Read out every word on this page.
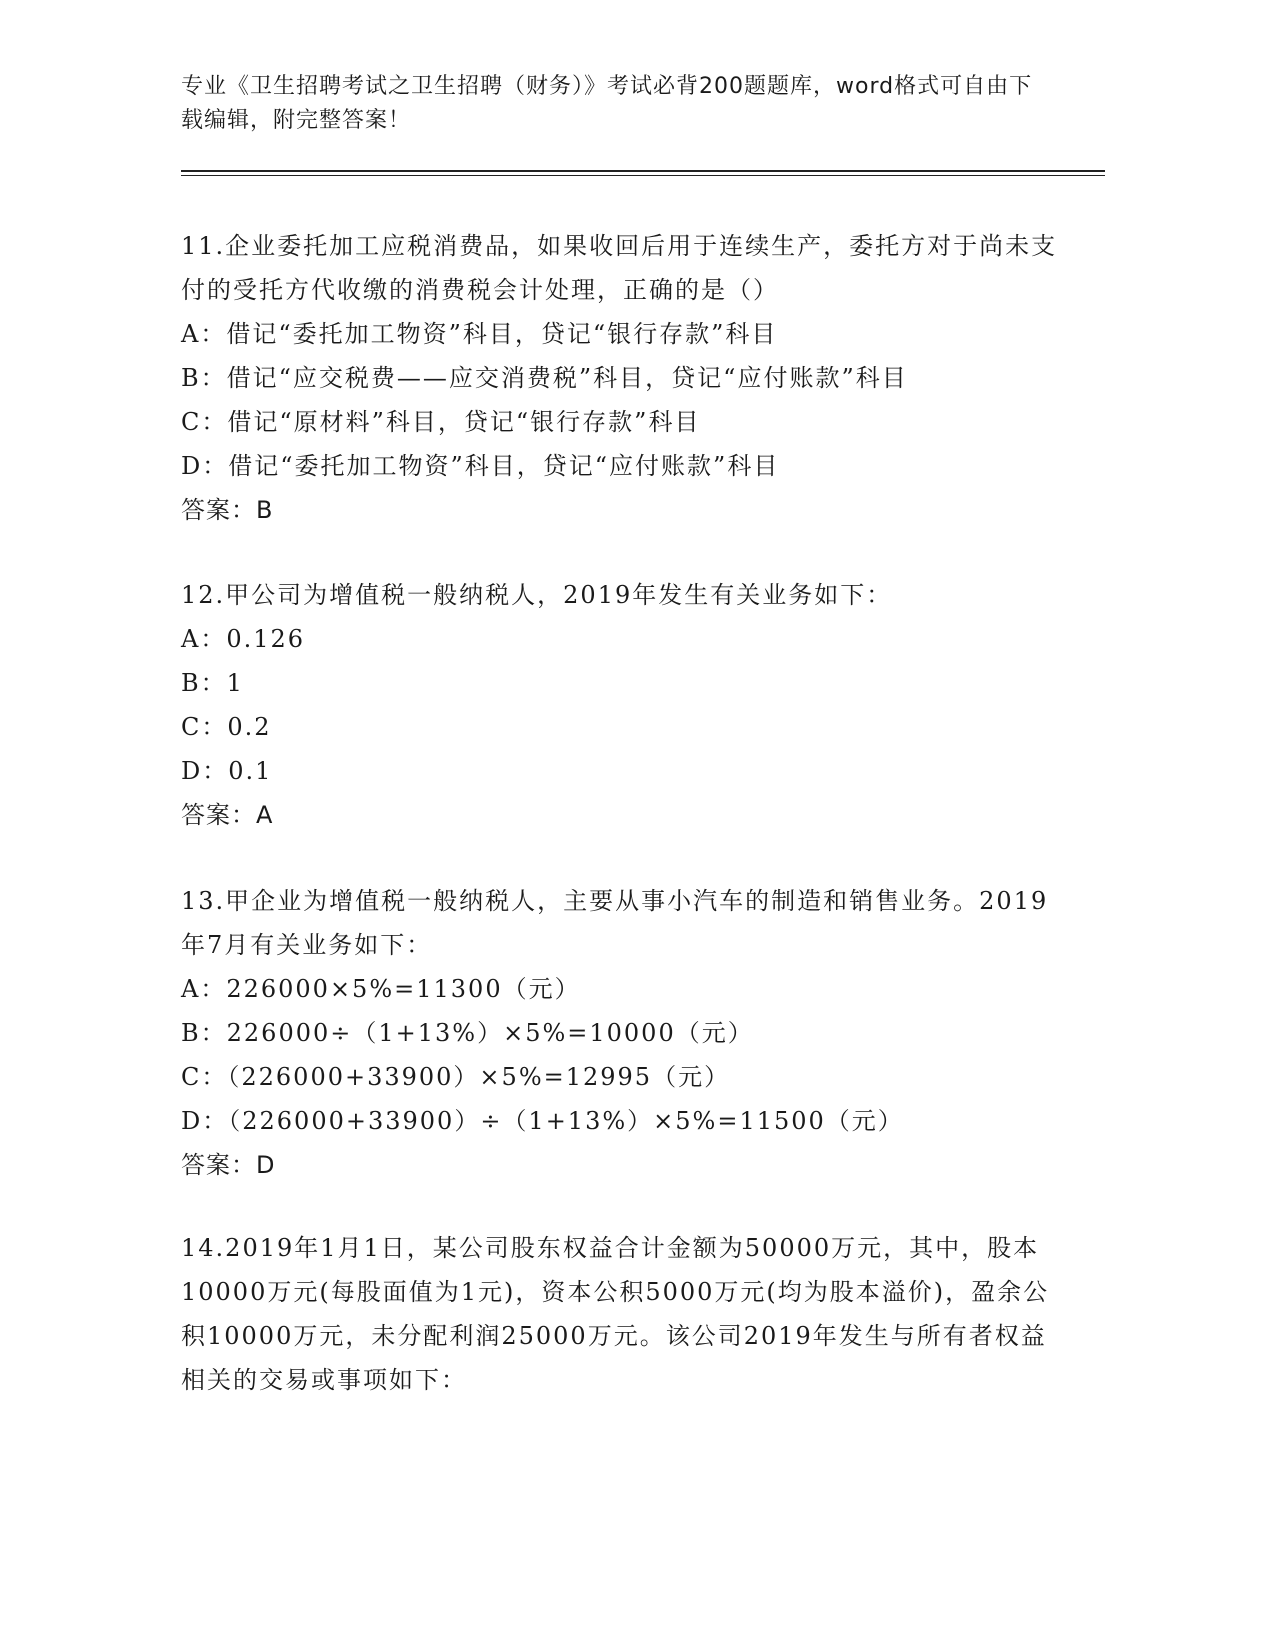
专业《卫生招聘考试之卫生招聘（财务）》考试必背200题题库，word格式可自由下载编辑，附完整答案！
11.企业委托加工应税消费品，如果收回后用于连续生产，委托方对于尚未支付的受托方代收缴的消费税会计处理，正确的是（）
A：借记“委托加工物资”科目，贷记“银行存款”科目
B：借记“应交税费——应交消费税”科目，贷记“应付账款”科目
C：借记“原材料”科目，贷记“银行存款”科目
D：借记“委托加工物资”科目，贷记“应付账款”科目
答案：B
12.甲公司为增值税一般纳税人，2019年发生有关业务如下：
A：0.126
B：1
C：0.2
D：0.1
答案：A
13.甲企业为增值税一般纳税人，主要从事小汽车的制造和销售业务。2019年7月有关业务如下：
A：226000×5%=11300（元）
B：226000÷（1+13%）×5%=10000（元）
C：（226000+33900）×5%=12995（元）
D：（226000+33900）÷（1+13%）×5%=11500（元）
答案：D
14.2019年1月1日，某公司股东权益合计金额为50000万元，其中，股本10000万元(每股面值为1元)，资本公积5000万元(均为股本溢价)，盈余公积10000万元，未分配利润25000万元。该公司2019年发生与所有者权益相关的交易或事项如下：
